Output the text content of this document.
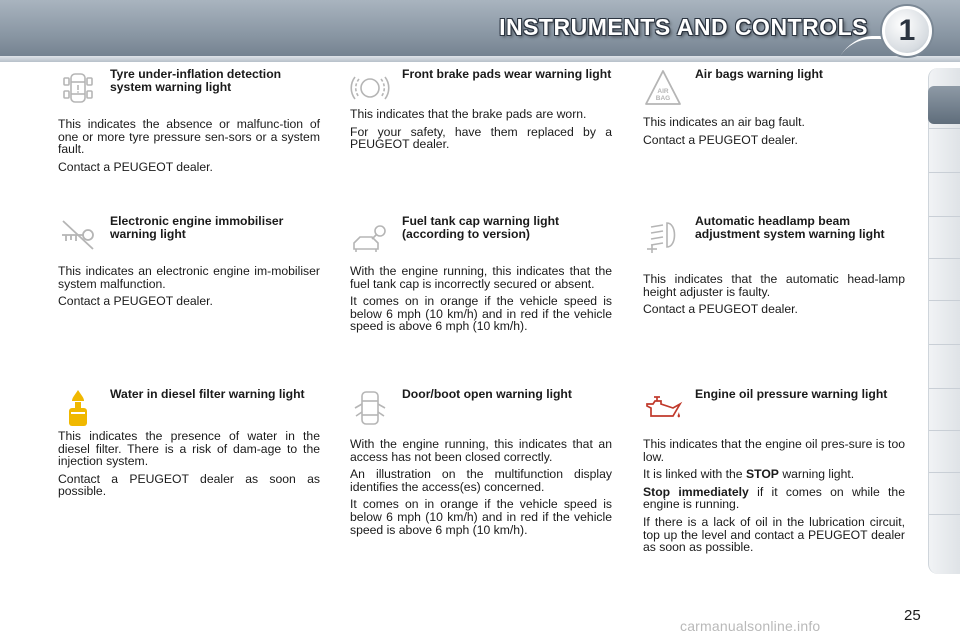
INSTRUMENTS AND CONTROLS 1
Tyre under-inflation detection system warning light

This indicates the absence or malfunc-tion of one or more tyre pressure sen-sors or a system fault.

Contact a PEUGEOT dealer.

Front brake pads wear warning light

This indicates that the brake pads are worn.

For your safety, have them replaced by a PEUGEOT dealer.

AIR
BAG
Air bags warning light

This indicates an air bag fault.

Contact a PEUGEOT dealer.

Electronic engine immobiliser warning light

This indicates an electronic engine im-mobiliser system malfunction.

Contact a PEUGEOT dealer.

Fuel tank cap warning light (according to version)

With the engine running, this indicates that the fuel tank cap is incorrectly secured or absent.

It comes on in orange if the vehicle speed is below 6 mph (10 km/h) and in red if the vehicle speed is above 6 mph (10 km/h).

Automatic headlamp beam adjustment system warning light

This indicates that the automatic head-lamp height adjuster is faulty.

Contact a PEUGEOT dealer.

Water in diesel filter warning light

This indicates the presence of water in the diesel filter. There is a risk of dam-age to the injection system.

Contact a PEUGEOT dealer as soon as possible.

Door/boot open warning light

With the engine running, this indicates that an access has not been closed correctly.

An illustration on the multifunction display identifies the access(es) concerned.

It comes on in orange if the vehicle speed is below 6 mph (10 km/h) and in red if the vehicle speed is above 6 mph (10 km/h).

Engine oil pressure warning light

This indicates that the engine oil pres-sure is too low.

It is linked with the STOP warning light.

Stop immediately if it comes on while the engine is running.

If there is a lack of oil in the lubrication circuit, top up the level and contact a PEUGEOT dealer as soon as possible.

25
carmanualsonline.info
